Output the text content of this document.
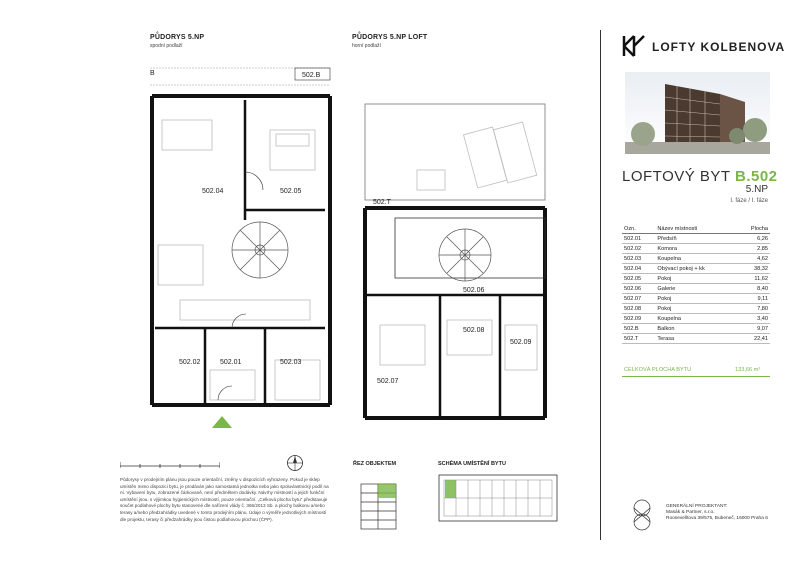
PŮDORYS 5.NP
spodní podlaží
B	502.B
502.04	502.05
502.02	502.01	502.03
PŮDORYS 5.NP LOFT
horní podlaží
502.T
502.06
502.07
502.08
502.09
LOFTY KOLBENOVA
LOFTOVÝ BYT B.502
5.NP
I. fáze / I. fáze
Ozn.	Název místnosti	Plocha
502.01	Předsíň	6,26
502.02	Komora	2,85
502.03	Koupelna	4,62
502.04	Obývací pokoj + kk	38,32
502.05	Pokoj	11,62
502.06	Galerie	8,40
502.07	Pokoj	9,11
502.08	Pokoj	7,80
502.09	Koupelna	3,40
502.B	Balkon	9,07
502.T	Terasa	22,41
CELKOVÁ PLOCHA BYTU	133,66 m²
Půdorysy v prodejním plánu jsou pouze orientační, změny v dispozicích vyhrazeny. Pokud je sklep umístěn mimo dispozici bytu, je prodáván jako samostatná jednotka nebo jako spoluvlastnický podíl na ní. Vybavení bytu, zobrazené čárkovaně, není předmětem dodávky. Návrhy místností a jejich funkční umístění jsou, s výjimkou hygienických místností, pouze orientační. „Celková plocha bytu“ představuje součet podlahové plochy bytu stanovené dle nařízení vlády č. 366/2013 Sb. a plochy balkonu a/nebo terasy a/nebo předzahrádky uvedené v tomto prodejním plánu. Údaje o výměře jednotlivých místností dle projektu, terasy či předzahrádky jsou čistou podlahovou plochou (ČPP).
ŘEZ OBJEKTEM	SCHÉMA UMÍSTĚNÍ BYTU
GENERÁLNÍ PROJEKTANT:
Masák & Partner, s.r.o.
Roosevelltova 39/575, Bubeneč, 16000 Praha 6
